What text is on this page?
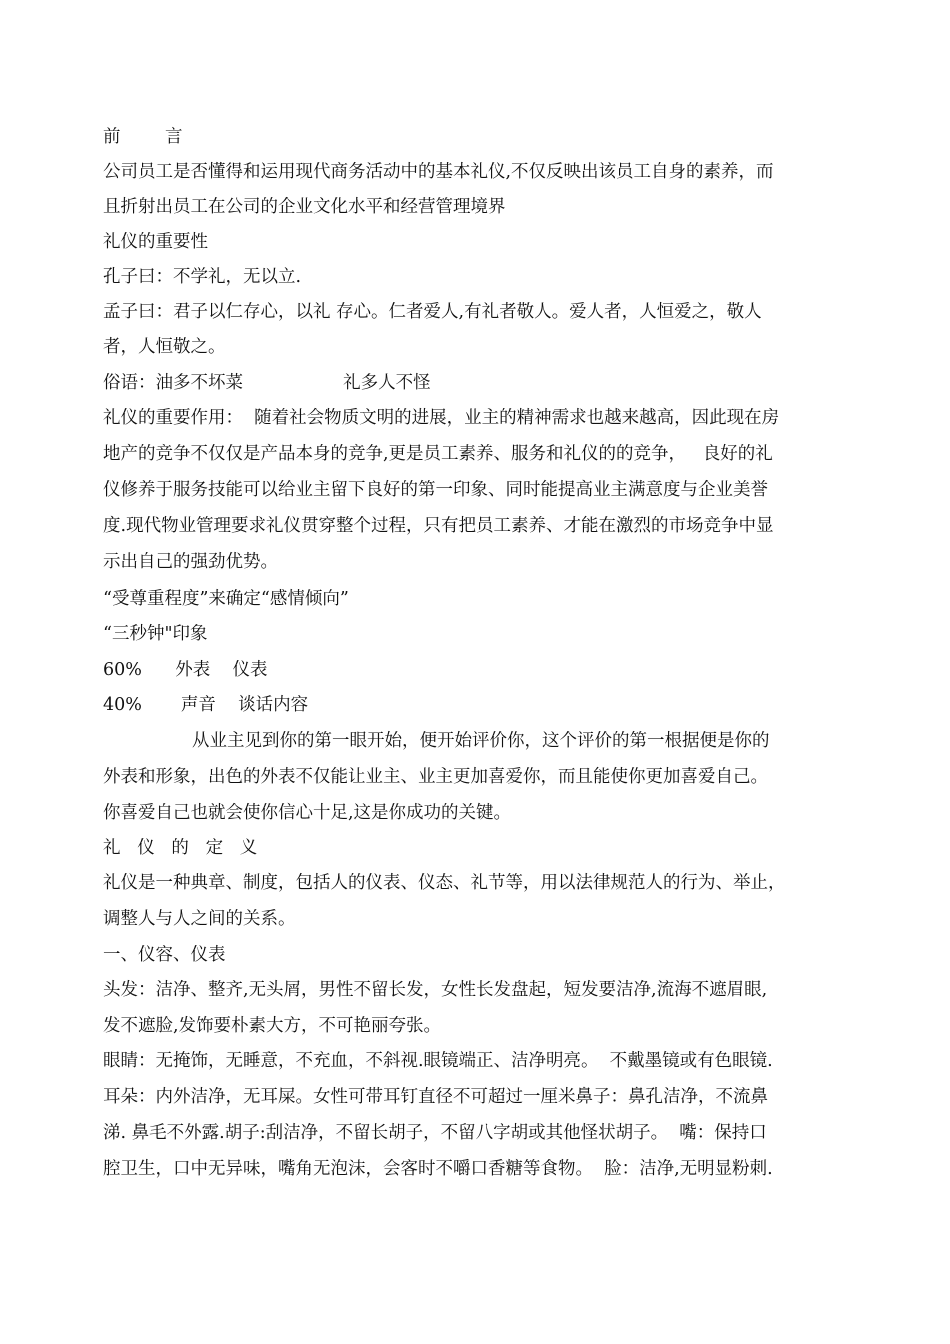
前        言
公司员工是否懂得和运用现代商务活动中的基本礼仪,不仅反映出该员工自身的素养，而
且折射出员工在公司的企业文化水平和经营管理境界
礼仪的重要性
孔子曰：不学礼，无以立.
孟子曰：君子以仁存心，以礼 存心。仁者爱人,有礼者敬人。爱人者，人恒爱之，敬人
者，人恒敬之。
俗语：油多不坏菜                  礼多人不怪
礼仪的重要作用：  随着社会物质文明的进展，业主的精神需求也越来越高，因此现在房
地产的竞争不仅仅是产品本身的竞争,更是员工素养、服务和礼仪的的竞争，   良好的礼
仪修养于服务技能可以给业主留下良好的第一印象、同时能提高业主满意度与企业美誉
度.现代物业管理要求礼仪贯穿整个过程，只有把员工素养、才能在激烈的市场竞争中显
示出自己的强劲优势。
“受尊重程度”来确定“感情倾向”
“三秒钟"印象
60%      外表    仪表
40%       声音    谈话内容
从业主见到你的第一眼开始，便开始评价你，这个评价的第一根据便是你的
外表和形象，出色的外表不仅能让业主、业主更加喜爱你，而且能使你更加喜爱自己。
你喜爱自己也就会使你信心十足,这是你成功的关键。
礼   仪   的   定   义
礼仪是一种典章、制度，包括人的仪表、仪态、礼节等，用以法律规范人的行为、举止，
调整人与人之间的关系。
一、仪容、仪表
头发：洁净、整齐,无头屑，男性不留长发，女性长发盘起，短发要洁净,流海不遮眉眼,
发不遮脸,发饰要朴素大方，不可艳丽夸张。
眼睛：无掩饰，无睡意，不充血，不斜视.眼镜端正、洁净明亮。  不戴墨镜或有色眼镜.
耳朵：内外洁净，无耳屎。女性可带耳钉直径不可超过一厘米鼻子：鼻孔洁净，不流鼻
涕. 鼻毛不外露.胡子:刮洁净，不留长胡子，不留八字胡或其他怪状胡子。  嘴：保持口
腔卫生，口中无异味，嘴角无泡沫，会客时不嚼口香糖等食物。  脸：洁净,无明显粉刺.
